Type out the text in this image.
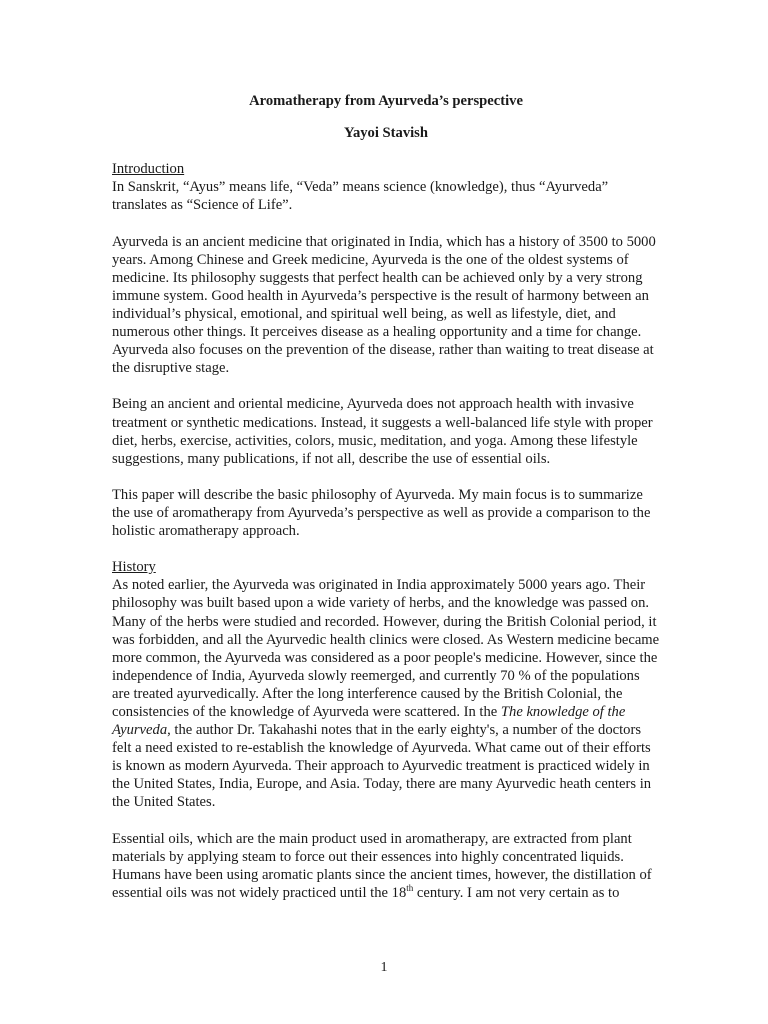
Aromatherapy from Ayurveda’s perspective

Yayoi Stavish

Introduction

In Sanskrit, “Ayus” means life, “Veda” means science (knowledge), thus “Ayurveda” translates as “Science of Life”.

Ayurveda is an ancient medicine that originated in India, which has a history of 3500 to 5000 years. Among Chinese and Greek medicine, Ayurveda is the one of the oldest systems of medicine. Its philosophy suggests that perfect health can be achieved only by a very strong immune system. Good health in Ayurveda’s perspective is the result of harmony between an individual’s physical, emotional, and spiritual well being, as well as lifestyle, diet, and numerous other things. It perceives disease as a healing opportunity and a time for change. Ayurveda also focuses on the prevention of the disease, rather than waiting to treat disease at the disruptive stage.

Being an ancient and oriental medicine, Ayurveda does not approach health with invasive treatment or synthetic medications. Instead, it suggests a well-balanced life style with proper diet, herbs, exercise, activities, colors, music, meditation, and yoga. Among these lifestyle suggestions, many publications, if not all, describe the use of essential oils.

This paper will describe the basic philosophy of Ayurveda. My main focus is to summarize the use of aromatherapy from Ayurveda’s perspective as well as provide a comparison to the holistic aromatherapy approach.

History

As noted earlier, the Ayurveda was originated in India approximately 5000 years ago. Their philosophy was built based upon a wide variety of herbs, and the knowledge was passed on. Many of the herbs were studied and recorded. However, during the British Colonial period, it was forbidden, and all the Ayurvedic health clinics were closed. As Western medicine became more common, the Ayurveda was considered as a poor people's medicine. However, since the independence of India, Ayurveda slowly reemerged, and currently 70 % of the populations are treated ayurvedically. After the long interference caused by the British Colonial, the consistencies of the knowledge of Ayurveda were scattered. In the The knowledge of the Ayurveda, the author Dr. Takahashi notes that in the early eighty's, a number of the doctors felt a need existed to re-establish the knowledge of Ayurveda. What came out of their efforts is known as modern Ayurveda. Their approach to Ayurvedic treatment is practiced widely in the United States, India, Europe, and Asia. Today, there are many Ayurvedic heath centers in the United States.

Essential oils, which are the main product used in aromatherapy, are extracted from plant materials by applying steam to force out their essences into highly concentrated liquids. Humans have been using aromatic plants since the ancient times, however, the distillation of essential oils was not widely practiced until the 18th century. I am not very certain as to

1
